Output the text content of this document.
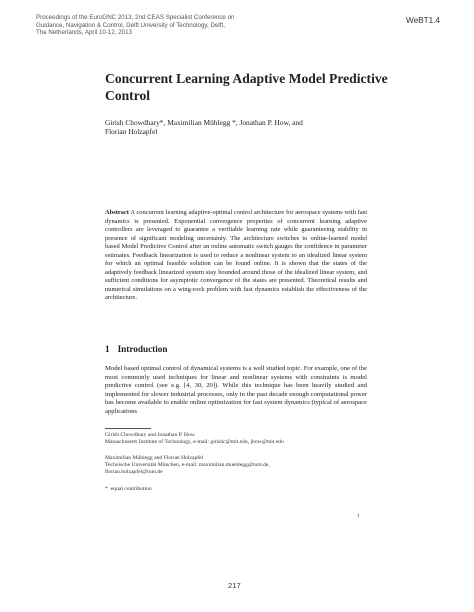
Proceedings of the EuroGNC 2013, 2nd CEAS Specialist Conference on
Guidance, Navigation & Control, Delft University of Technology, Delft,
The Netherlands, April 10-12, 2013
WeBT1.4
Concurrent Learning Adaptive Model Predictive
Control
Girish Chowdhary*, Maximilian Mühlegg *, Jonathan P. How, and
Florian Holzapfel

Abstract A concurrent learning adaptive-optimal control architecture for aerospace systems with fast dynamics is presented. Exponential convergence properties of concurrent learning adaptive controllers are leveraged to guarantee a verifiable learning rate while guaranteeing stability in presence of significant modeling uncertainty. The architecture switches to online-learned model based Model Predictive Control after an online automatic switch gauges the confidence in parameter estimates. Feedback linearization is used to reduce a nonlinear system to an idealized linear system for which an optimal feasible solution can be found online. It is shown that the states of the adaptively feedback linearized system stay bounded around those of the idealized linear system, and sufficient conditions for asymptotic convergence of the states are presented. Theoretical results and numerical simulations on a wing-rock problem with fast dynamics establish the effectiveness of the architecture.

1 Introduction

Model based optimal control of dynamical systems is a well studied topic. For example, one of the most commonly used techniques for linear and nonlinear systems with constraints is model predictive control (see e.g. [4, 30, 20]). While this technique has been heavily studied and implemented for slower industrial processes, only in the past decade enough computational power has become available to enable online optimization for fast system dynamics (typical of aerospace applications

Girish Chowdhary and Jonathan P. How
Massachusetts Institute of Technology, e-mail: girishc@mit.edu, jhow@mit.edu
Maximilian Mühlegg and Florian Holzapfel
Technische Universität München, e-mail: maximilian.muehlegg@tum.de,
florian.holzapfel@tum.de
* equal contribution
1
217
